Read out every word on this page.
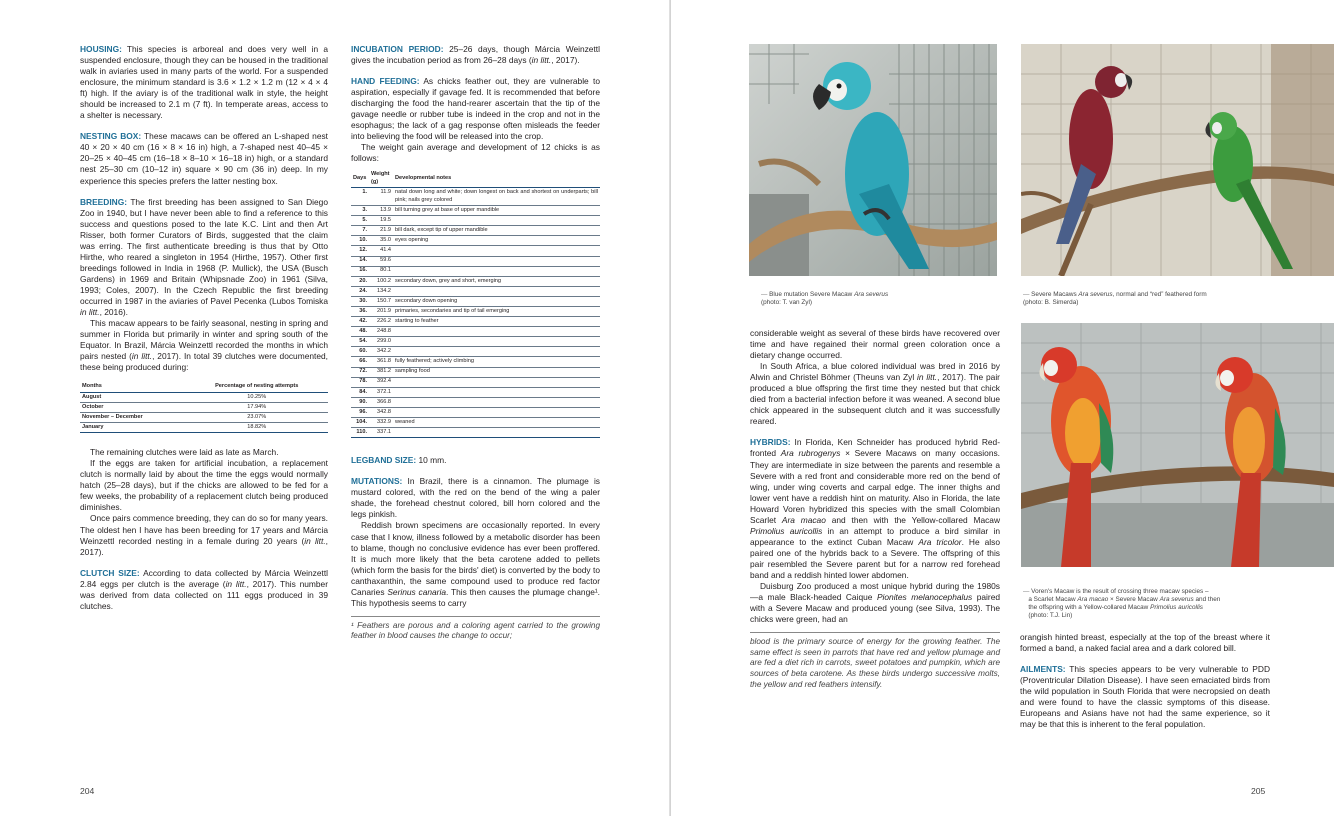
HOUSING: This species is arboreal and does very well in a suspended enclosure, though they can be housed in the traditional walk in aviaries used in many parts of the world. For a suspended enclosure, the minimum standard is 3.6 × 1.2 × 1.2 m (12 × 4 × 4 ft) high. If the aviary is of the traditional walk in style, the height should be increased to 2.1 m (7 ft). In temperate areas, access to a shelter is necessary.

NESTING BOX: These macaws can be offered an L-shaped nest 40 × 20 × 40 cm (16 × 8 × 16 in) high, a 7-shaped nest 40–45 × 20–25 × 40–45 cm (16–18 × 8–10 × 16–18 in) high, or a standard nest 25–30 cm (10–12 in) square × 90 cm (36 in) deep. In my experience this species prefers the latter nesting box.

BREEDING: The first breeding has been assigned to San Diego Zoo in 1940, but I have never been able to find a reference to this success and questions posed to the late K.C. Lint and then Art Risser, both former Curators of Birds, suggested that the claim was erring. The first authenticate breeding is thus that by Otto Hirthe, who reared a singleton in 1954 (Hirthe, 1957). Other first breedings followed in India in 1968 (P. Mullick), the USA (Busch Gardens) in 1969 and Britain (Whipsnade Zoo) in 1961 (Silva, 1993; Coles, 2007). In the Czech Republic the first breeding occurred in 1987 in the aviaries of Pavel Pecenka (Lubos Tomiska in litt., 2016).

This macaw appears to be fairly seasonal, nesting in spring and summer in Florida but primarily in winter and spring south of the Equator. In Brazil, Márcia Weinzettl recorded the months in which pairs nested (in litt., 2017). In total 39 clutches were documented, these being produced during:

Months	Percentage of nesting attempts
August	10.25%
October	17.94%
November – December	23.07%
January	18.82%

The remaining clutches were laid as late as March.

If the eggs are taken for artificial incubation, a replacement clutch is normally laid by about the time the eggs would normally hatch (25–28 days), but if the chicks are allowed to be fed for a few weeks, the probability of a replacement clutch being produced diminishes.

Once pairs commence breeding, they can do so for many years. The oldest hen I have has been breeding for 17 years and Márcia Weinzettl recorded nesting in a female during 20 years (in litt., 2017).

CLUTCH SIZE: According to data collected by Márcia Weinzettl 2.84 eggs per clutch is the average (in litt., 2017). This number was derived from data collected on 111 eggs produced in 39 clutches.

INCUBATION PERIOD: 25–26 days, though Márcia Weinzettl gives the incubation period as from 26–28 days (in litt., 2017).

HAND FEEDING: As chicks feather out, they are vulnerable to aspiration, especially if gavage fed. It is recommended that before discharging the food the hand-rearer ascertain that the tip of the gavage needle or rubber tube is indeed in the crop and not in the esophagus; the lack of a gag response often misleads the feeder into believing the food will be released into the crop.

The weight gain average and development of 12 chicks is as follows:

Days	Weight (g)	Developmental notes
1.	11.9	natal down long and white; down longest on back and shortest on underparts; bill pink; nails grey colored
3.	13.9	bill turning grey at base of upper mandible
5.	19.5	
7.	21.9	bill dark, except tip of upper mandible
10.	35.0	eyes opening
12.	41.4	
14.	59.6	
16.	80.1	
20.	100.2	secondary down, grey and short, emerging
24.	134.2	
30.	150.7	secondary down opening
36.	201.9	primaries, secondaries and tip of tail emerging
42.	226.2	starting to feather
48.	248.8	
54.	299.0	
60.	342.2	
66.	361.8	fully feathered; actively climbing
72.	381.2	sampling food
78.	392.4	
84.	372.1	
90.	366.8	
96.	342.8	
104.	332.9	weaned
110.	337.1	

LEGBAND SIZE: 10 mm.

MUTATIONS: In Brazil, there is a cinnamon. The plumage is mustard colored, with the red on the bend of the wing a paler shade, the forehead chestnut colored, bill horn colored and the legs pinkish.

Reddish brown specimens are occasionally reported. In every case that I know, illness followed by a metabolic disorder has been to blame, though no conclusive evidence has ever been proffered. It is much more likely that the beta carotene added to pellets (which form the basis for the birds' diet) is converted by the body to canthaxanthin, the same compound used to produce red factor Canaries Serinus canaria. This then causes the plumage change¹. This hypothesis seems to carry

¹ Feathers are porous and a coloring agent carried to the growing feather in blood causes the change to occur;

204
— Blue mutation Severe Macaw Ara severus
(photo: T. van Zyl)
— Severe Macaws Ara severus, normal and “red” feathered form
(photo: B. Simerda)
— Voren's Macaw is the result of crossing three macaw species –
a Scarlet Macaw Ara macao × Severe Macaw Ara severus and then
the offspring with a Yellow-collared Macaw Primolius auricollis
(photo: T.J. Lin)

considerable weight as several of these birds have recovered over time and have regained their normal green coloration once a dietary change occurred.

In South Africa, a blue colored individual was bred in 2016 by Alwin and Christel Böhmer (Theuns van Zyl in litt., 2017). The pair produced a blue offspring the first time they nested but that chick died from a bacterial infection before it was weaned. A second blue chick appeared in the subsequent clutch and it was successfully reared.

HYBRIDS: In Florida, Ken Schneider has produced hybrid Red-fronted Ara rubrogenys × Severe Macaws on many occasions. They are intermediate in size between the parents and resemble a Severe with a red front and considerable more red on the bend of wing, under wing coverts and carpal edge. The inner thighs and lower vent have a reddish hint on maturity. Also in Florida, the late Howard Voren hybridized this species with the small Colombian Scarlet Ara macao and then with the Yellow-collared Macaw Primolius auricollis in an attempt to produce a bird similar in appearance to the extinct Cuban Macaw Ara tricolor. He also paired one of the hybrids back to a Severe. The offspring of this pair resembled the Severe parent but for a narrow red forehead band and a reddish hinted lower abdomen.

Duisburg Zoo produced a most unique hybrid during the 1980s—a male Black-headed Caique Pionites melanocephalus paired with a Severe Macaw and produced young (see Silva, 1993). The chicks were green, had an

blood is the primary source of energy for the growing feather. The same effect is seen in parrots that have red and yellow plumage and are fed a diet rich in carrots, sweet potatoes and pumpkin, which are sources of beta carotene. As these birds undergo successive molts, the yellow and red feathers intensify.

orangish hinted breast, especially at the top of the breast where it formed a band, a naked facial area and a dark colored bill.

AILMENTS: This species appears to be very vulnerable to PDD (Proventricular Dilation Disease). I have seen emaciated birds from the wild population in South Florida that were necropsied on death and were found to have the classic symptoms of this disease. Europeans and Asians have not had the same experience, so it may be that this is inherent to the feral population.

205
